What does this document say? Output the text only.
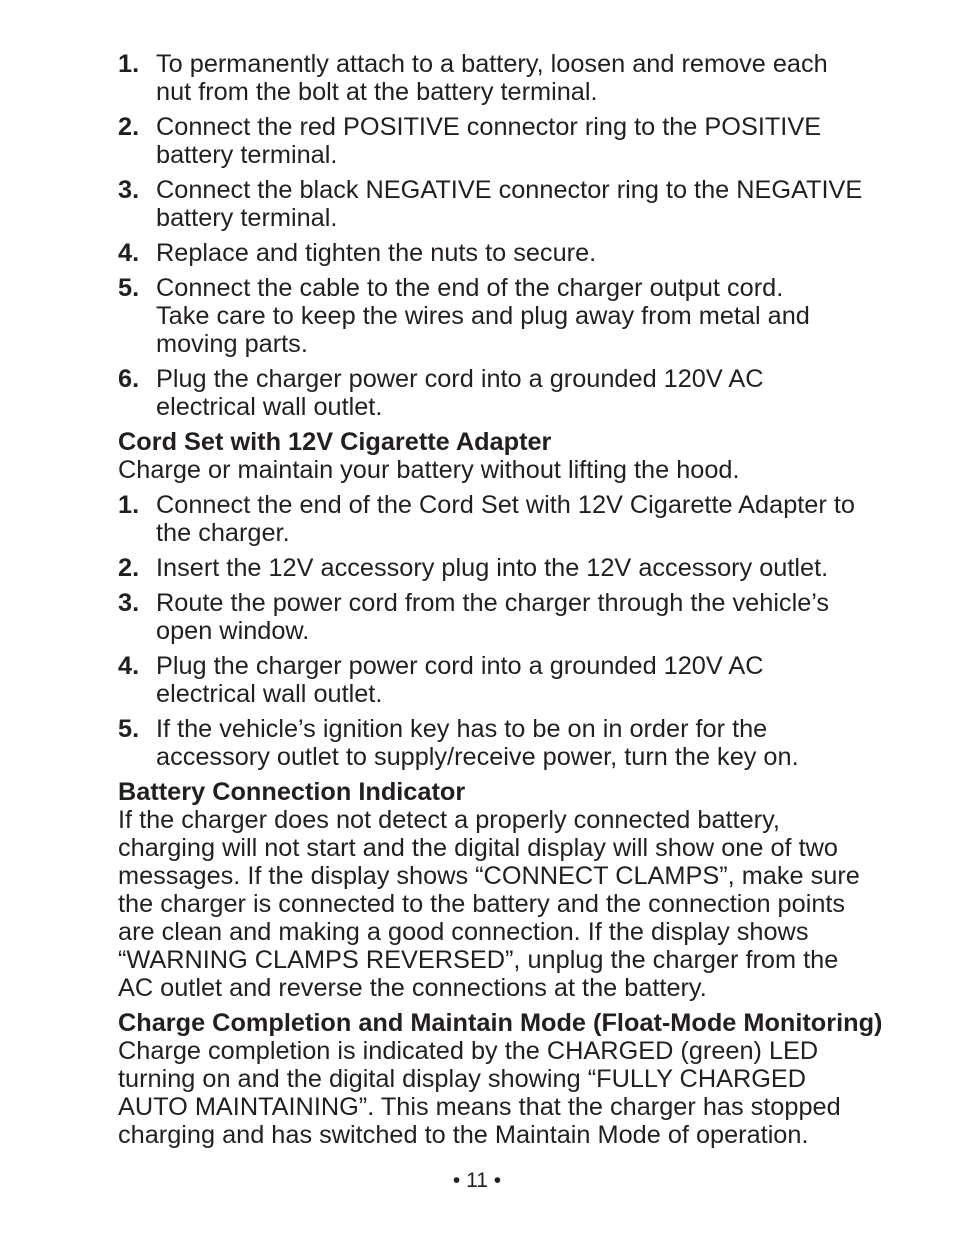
1. To permanently attach to a battery, loosen and remove each
nut from the bolt at the battery terminal.
2. Connect the red POSITIVE connector ring to the POSITIVE
battery terminal.
3. Connect the black NEGATIVE connector ring to the NEGATIVE
battery terminal.
4. Replace and tighten the nuts to secure.
5. Connect the cable to the end of the charger output cord.
Take care to keep the wires and plug away from metal and
moving parts.
6. Plug the charger power cord into a grounded 120V AC
electrical wall outlet.
Cord Set with 12V Cigarette Adapter
Charge or maintain your battery without lifting the hood.
1. Connect the end of the Cord Set with 12V Cigarette Adapter to
the charger.
2. Insert the 12V accessory plug into the 12V accessory outlet.
3. Route the power cord from the charger through the vehicle’s
open window.
4. Plug the charger power cord into a grounded 120V AC
electrical wall outlet.
5. If the vehicle’s ignition key has to be on in order for the
accessory outlet to supply/receive power, turn the key on.
Battery Connection Indicator
If the charger does not detect a properly connected battery,
charging will not start and the digital display will show one of two
messages. If the display shows “CONNECT CLAMPS”, make sure
the charger is connected to the battery and the connection points
are clean and making a good connection. If the display shows
“WARNING CLAMPS REVERSED”, unplug the charger from the
AC outlet and reverse the connections at the battery.
Charge Completion and Maintain Mode (Float-Mode Monitoring)
Charge completion is indicated by the CHARGED (green) LED
turning on and the digital display showing “FULLY CHARGED
AUTO MAINTAINING”. This means that the charger has stopped
charging and has switched to the Maintain Mode of operation.
• 11 •
